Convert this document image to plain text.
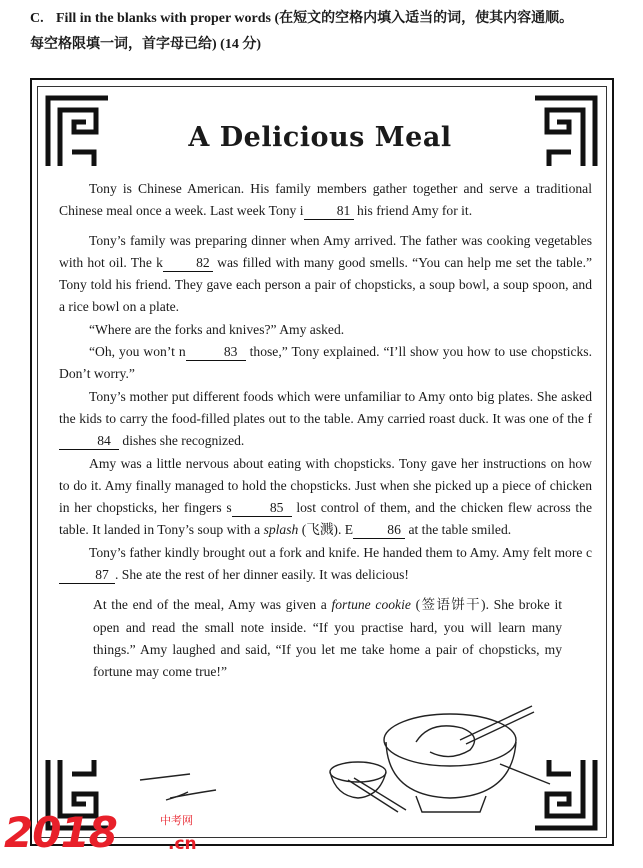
C. Fill in the blanks with proper words (在短文的空格内填入适当的词，使其内容通顺。
每空格限填一词，首字母已给) (14 分)
A Delicious Meal

Tony is Chinese American. His family members gather together and serve a traditional Chinese meal once a week. Last week Tony i 81 his friend Amy for it.

Tony’s family was preparing dinner when Amy arrived. The father was cooking vegetables with hot oil. The k 82 was filled with many good smells. “You can help me set the table.” Tony told his friend. They gave each person a pair of chopsticks, a soup bowl, a soup spoon, and a rice bowl on a plate.

“Where are the forks and knives?” Amy asked.

“Oh, you won’t n	83 those,” Tony explained. “I’ll show you how to use chopsticks. Don’t worry.”

Tony’s mother put different foods which were unfamiliar to Amy onto big plates. She asked the kids to carry the food-filled plates out to the table. Amy carried roast duck. It was one of the f84 dishes she recognized.

Amy was a little nervous about eating with chopsticks. Tony gave her instructions on how to do it. Amy finally managed to hold the chopsticks. Just when she picked up a piece of chicken in her chopsticks, her fingers s	85 lost control of them, and the chicken flew across the table. It landed in Tony’s soup with a splash (飞溅). E	86 at the table smiled.

Tony’s father kindly brought out a fork and knife. He handed them to Amy. Amy felt more c87 . She ate the rest of her dinner easily. It was delicious!

At the end of the meal, Amy was given a fortune cookie (签语饼干). She broke it open and read the small note inside. “If you practise hard, you will learn many things.” Amy laughed and said, “If you let me take home a pair of chopsticks, my fortune may come true!”

2018	中考网
.cn
